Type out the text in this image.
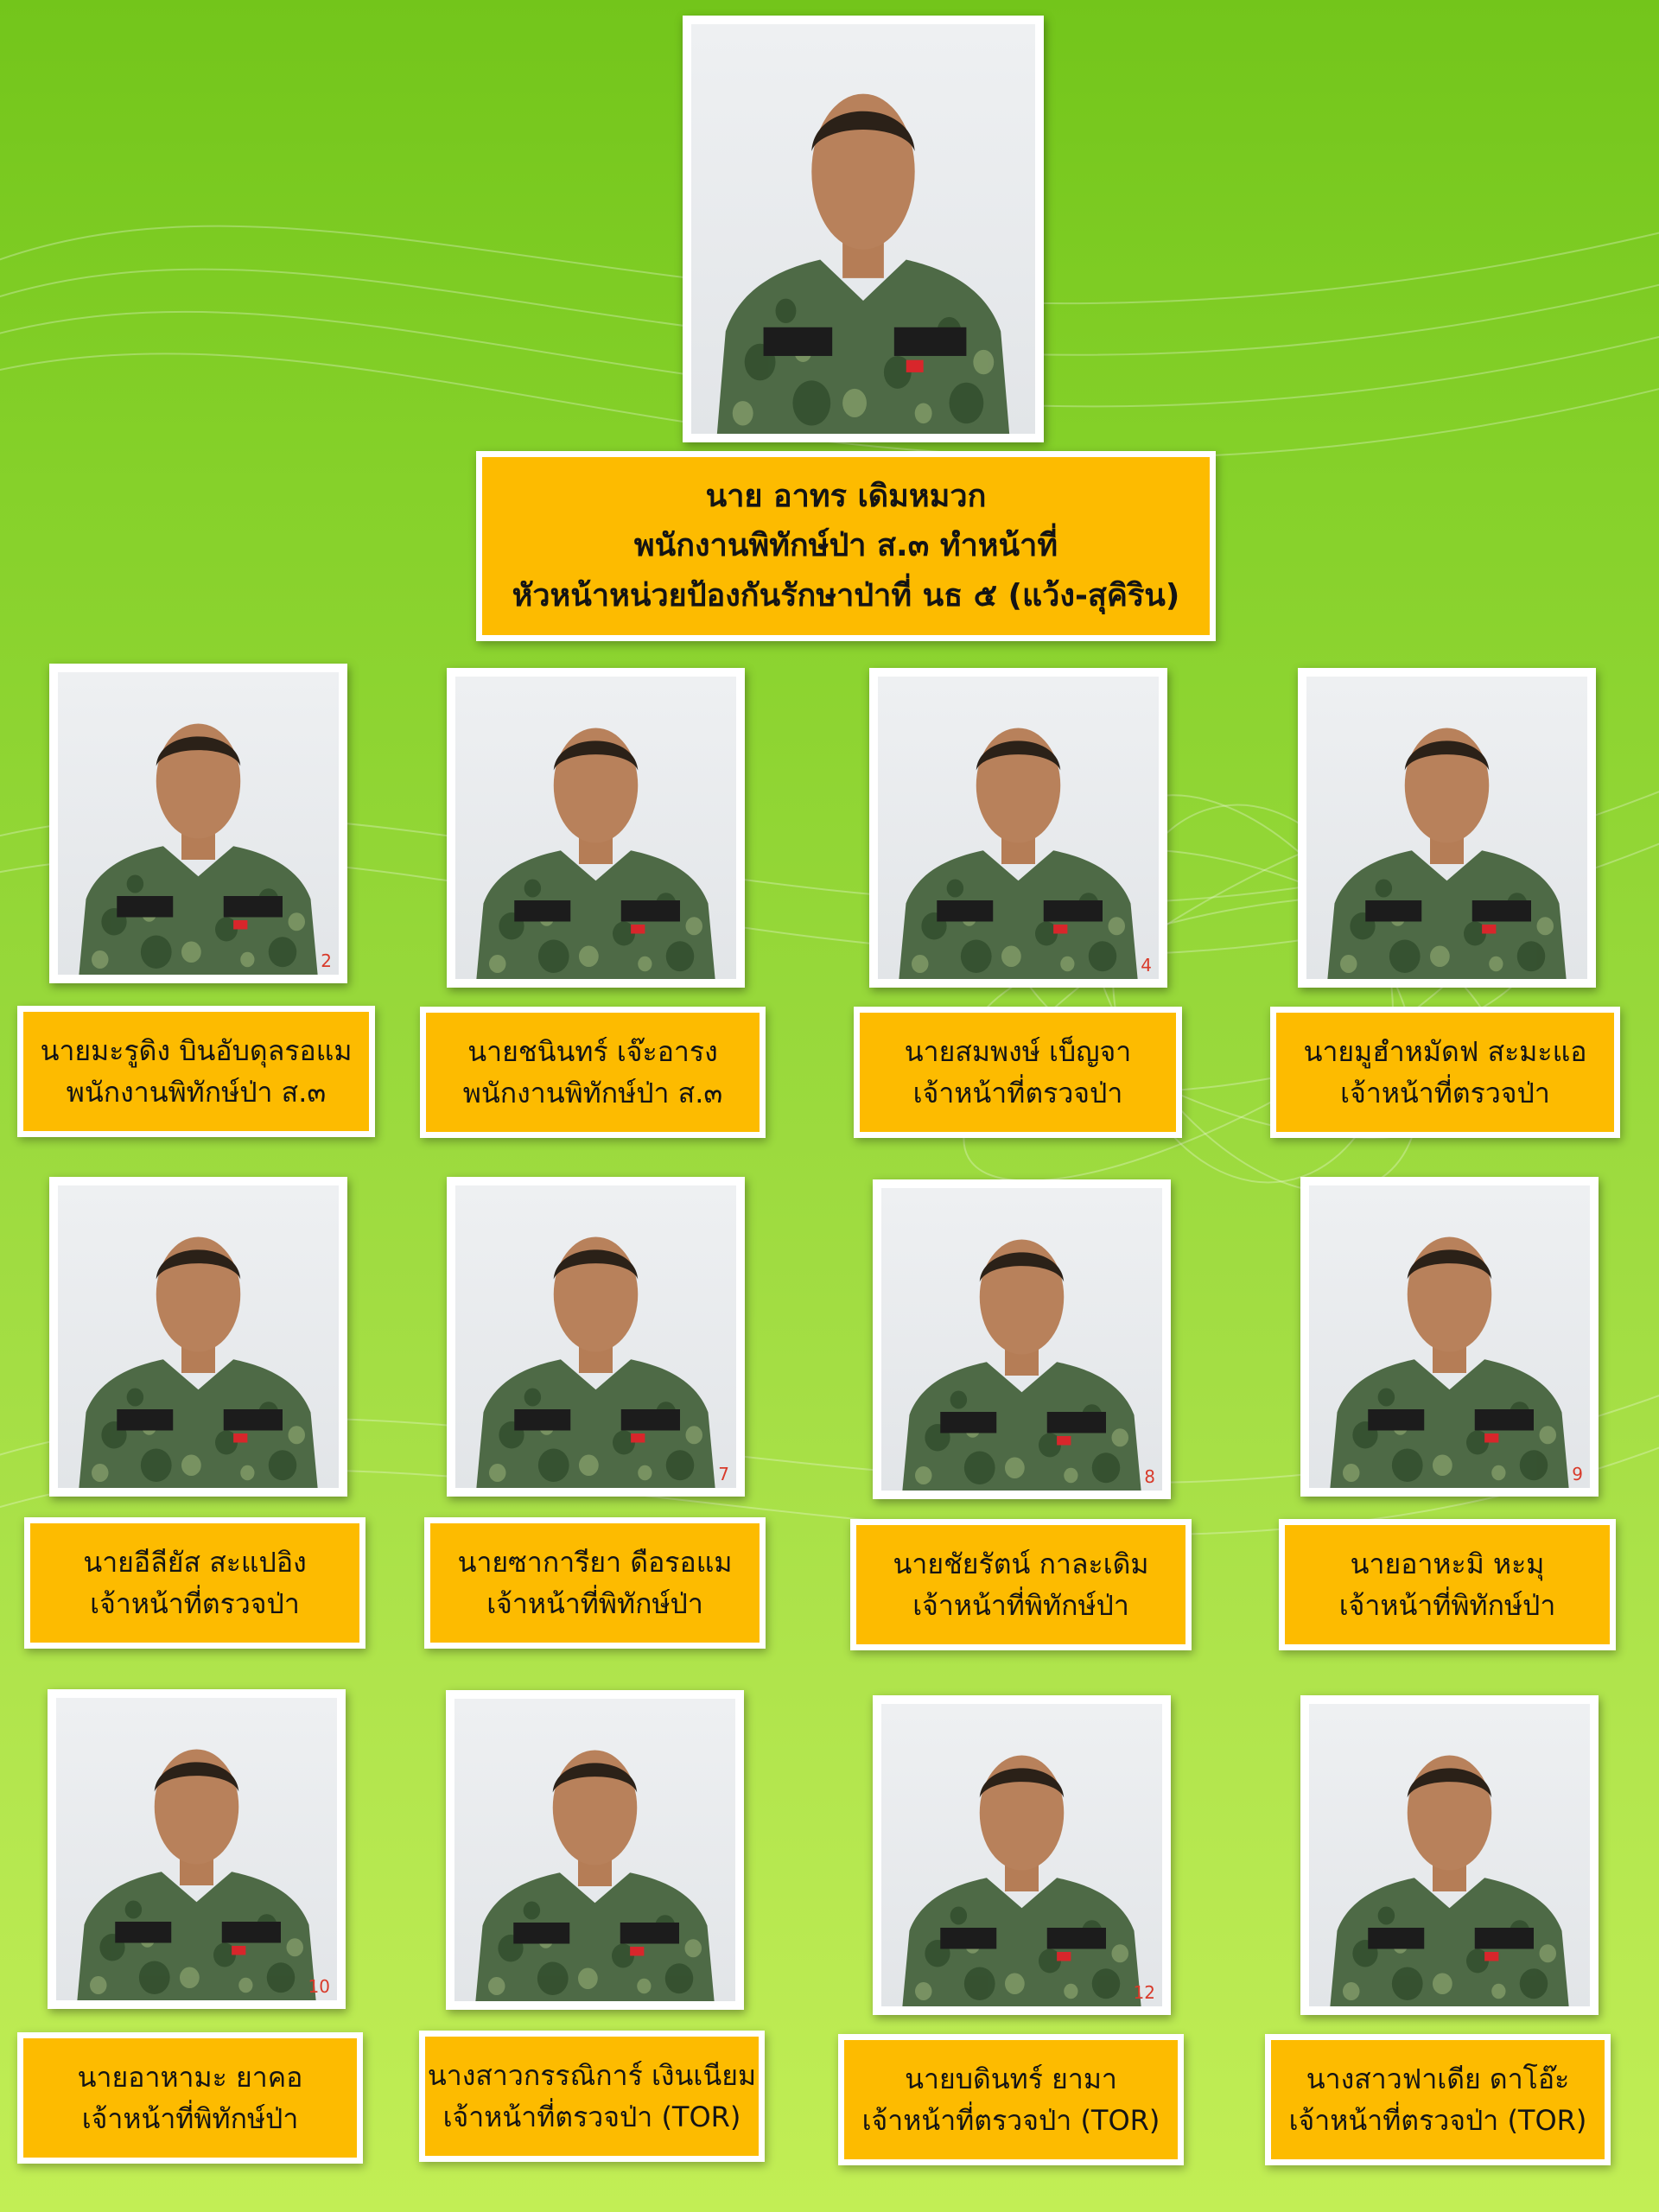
นาย อาทร เดิมหมวก
พนักงานพิทักษ์ป่า ส.๓ ทำหน้าที่
หัวหน้าหน่วยป้องกันรักษาป่าที่ นธ ๕ (แว้ง-สุคิริน)
2
นายมะรูดิง บินอับดุลรอแม
พนักงานพิทักษ์ป่า ส.๓
นายชนินทร์ เจ๊ะอารง
พนักงานพิทักษ์ป่า ส.๓
4
นายสมพงษ์ เบ็ญจา
เจ้าหน้าที่ตรวจป่า
นายมูฮำหมัดฟ สะมะแอ
เจ้าหน้าที่ตรวจป่า
นายอีลียัส สะแปอิง
เจ้าหน้าที่ตรวจป่า
7
นายซาการียา ดือรอแม
เจ้าหน้าที่พิทักษ์ป่า
8
นายชัยรัตน์ กาละเดิม
เจ้าหน้าที่พิทักษ์ป่า
9
นายอาหะมิ หะมุ
เจ้าหน้าที่พิทักษ์ป่า
10
นายอาหามะ ยาคอ
เจ้าหน้าที่พิทักษ์ป่า
นางสาวกรรณิการ์ เงินเนียม
เจ้าหน้าที่ตรวจป่า (TOR)
12
นายบดินทร์ ยามา
เจ้าหน้าที่ตรวจป่า (TOR)
นางสาวฟาเดีย ดาโอ๊ะ
เจ้าหน้าที่ตรวจป่า (TOR)
